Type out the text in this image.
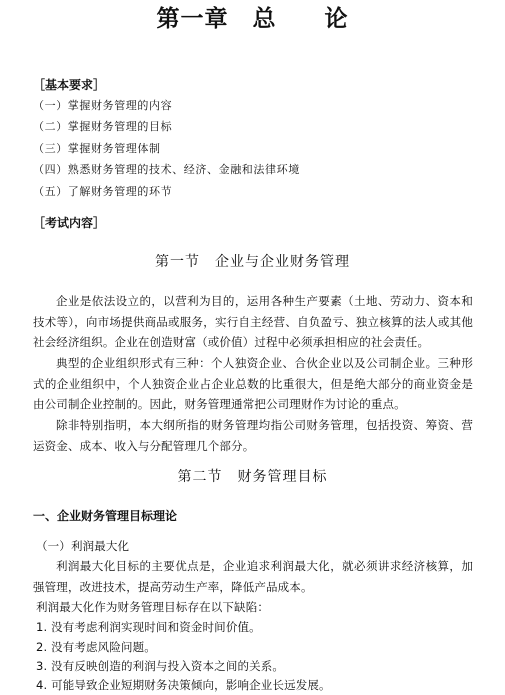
第一章　总　　论
［基本要求］
（一）掌握财务管理的内容
（二）掌握财务管理的目标
（三）掌握财务管理体制
（四）熟悉财务管理的技术、经济、金融和法律环境
（五）了解财务管理的环节
［考试内容］
第一节　企业与企业财务管理

企业是依法设立的，以营利为目的，运用各种生产要素（土地、劳动力、资本和技术等），向市场提供商品或服务，实行自主经营、自负盈亏、独立核算的法人或其他社会经济组织。企业在创造财富（或价值）过程中必须承担相应的社会责任。

典型的企业组织形式有三种：个人独资企业、合伙企业以及公司制企业。三种形式的企业组织中，个人独资企业占企业总数的比重很大，但是绝大部分的商业资金是由公司制企业控制的。因此，财务管理通常把公司理财作为讨论的重点。

除非特别指明，本大纲所指的财务管理均指公司财务管理，包括投资、筹资、营运资金、成本、收入与分配管理几个部分。

第二节　财务管理目标
一、企业财务管理目标理论
（一）利润最大化

利润最大化目标的主要优点是，企业追求利润最大化，就必须讲求经济核算，加强管理，改进技术，提高劳动生产率，降低产品成本。

利润最大化作为财务管理目标存在以下缺陷：
1. 没有考虑利润实现时间和资金时间价值。
2. 没有考虑风险问题。
3. 没有反映创造的利润与投入资本之间的关系。
4. 可能导致企业短期财务决策倾向，影响企业长远发展。
